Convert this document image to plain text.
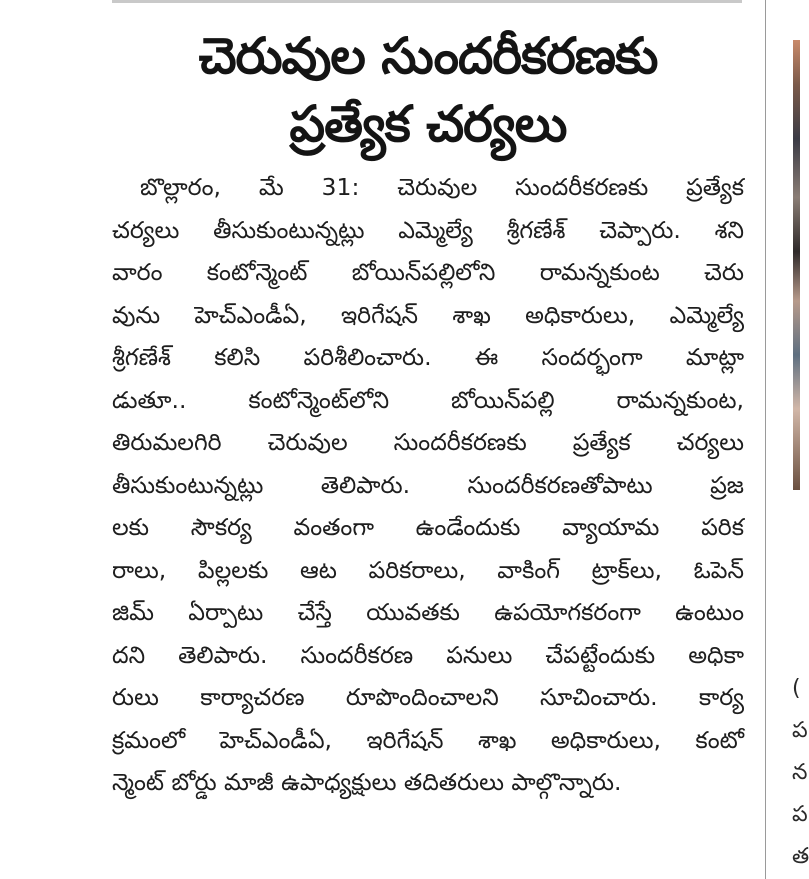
చెరువుల సుందరీకరణకు
ప్రత్యేక చర్యలు
బొల్లారం, మే 31: చెరువుల సుందరీకరణకు ప్రత్యేక
చర్యలు తీసుకుంటున్నట్లు ఎమ్మెల్యే శ్రీగణేశ్ చెప్పారు. శని
వారం కంటోన్మెంట్ బోయిన్‌పల్లిలోని రామన్నకుంట చెరు
వును హెచ్ఎండీఏ, ఇరిగేషన్ శాఖ అధికారులు, ఎమ్మెల్యే
శ్రీగణేశ్ కలిసి పరిశీలించారు. ఈ సందర్భంగా మాట్లా
డుతూ.. కంటోన్మెంట్‌లోని బోయిన్‌పల్లి రామన్నకుంట,
తిరుమలగిరి చెరువుల సుందరీకరణకు ప్రత్యేక చర్యలు
తీసుకుంటున్నట్లు తెలిపారు. సుందరీకరణతోపాటు ప్రజ
లకు సౌకర్య వంతంగా ఉండేందుకు వ్యాయామ పరిక
రాలు, పిల్లలకు ఆట పరికరాలు, వాకింగ్ ట్రాక్‌లు, ఓపెన్
జిమ్ ఏర్పాటు చేస్తే యువతకు ఉపయోగకరంగా ఉంటుం
దని తెలిపారు. సుందరీకరణ పనులు చేపట్టేందుకు అధికా
రులు కార్యాచరణ రూపొందించాలని సూచించారు. కార్య
క్రమంలో హెచ్ఎండీఏ, ఇరిగేషన్ శాఖ అధికారులు, కంటో
న్మెంట్ బోర్డు మాజీ ఉపాధ్యక్షులు తదితరులు పాల్గొన్నారు.
(
ప
న
ప
త
